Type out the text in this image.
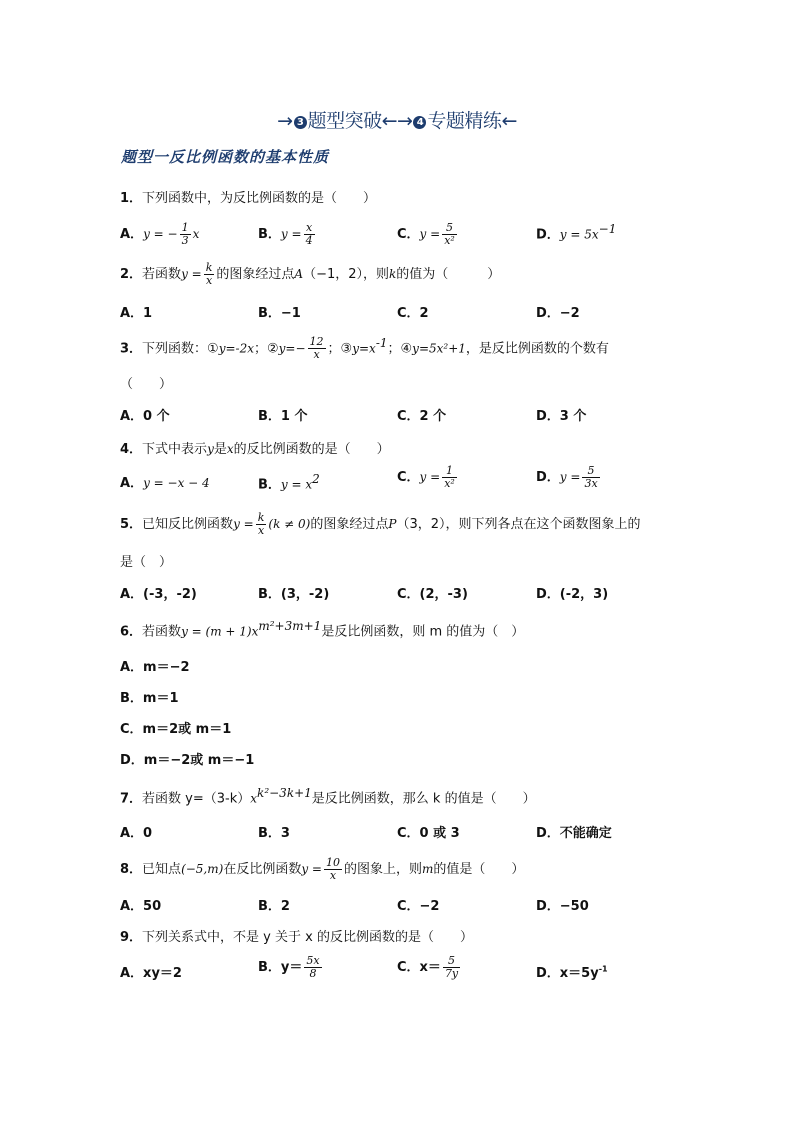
→ 3 题型突破←→ 4 专题精练←
题型一反比例函数的基本性质
1．下列函数中，为反比例函数的是（　　）
A．y = − $\frac{1}{3}$ x	B．$y = \frac{x}{4}$	C．$y = \frac{5}{\text{x²}}$	D．$y = 5x^{-1}$
2．若函数$y = \frac{k}{x}$ 的图象经过点A（−1，2），则k的值为（　　　）
A．1	B．−1	C．2	D．−2
3．下列函数：①y=-2x；②y=− $\frac{12}{x}$ ；$③y=x^{-1}$；④y=5x²+1，是反比例函数的个数有
（　　）
A．0 个	B．1 个	C．2 个	D．3 个
4．下式中表示y是x的反比例函数的是（　　）
A．y = −x − 4	B．$y = x^2$	C．$y = \frac{1}{\text{x²}}$	D．$y = \frac{5}{3x}$
5．已知反比例函数$y = \frac{k}{x} (k \ne 0)$的图象经过点P（3，2），则下列各点在这个函数图象上的
是（　）
A．(-3，-2)	B．(3，-2)	C．(2，-3)	D．(-2，3)
6．若函数$y = (m + 1)x^{m^2+3m+1}$是反比例函数，则 m 的值为（　）
A．m＝−2
B．m＝1
C．m＝2或 m＝1
D．m＝−2或 m＝−1
7．若函数 $y=(3-k)x^{k^2-3k+1}$是反比例函数，那么 k 的值是（　　）
A．0	B．3	C．0 或 3	D．不能确定
8．已知点(−5,m)在反比例函数$y = \frac{10}{x}$ 的图象上，则m的值是（　　）
A．50	B．2	C．−2	D．−50
9．下列关系式中，不是 y 关于 x 的反比例函数的是（　　）
A．xy＝2	B．$y= \frac{5x}{8}$	C．$x= \frac{5}{7y}$	D．$x=5y^{-1}$
